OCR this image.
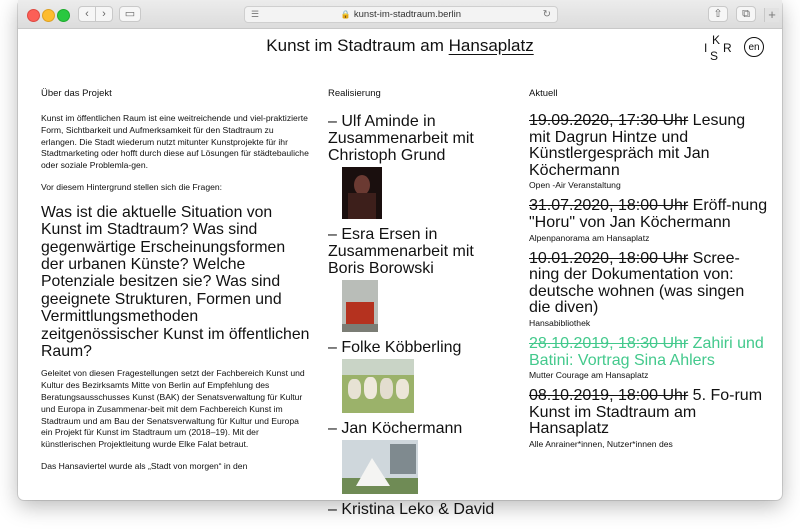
‹	›	▭	☰	🔒 kunst-im-stadtraum.berlin	↻	⇧	⧉	+
Kunst im Stadtraum am Hansaplatz	I
K
S
R	en
Über das Projekt	Realisierung	Aktuell

Kunst im öffentlichen Raum ist eine weitreichende und viel-praktizierte Form, Sichtbarkeit und Aufmerksamkeit für den Stadtraum zu erlangen. Die Stadt wiederum nutzt mitunter Kunstprojekte für ihr Stadtmarketing oder hofft durch diese auf Lösungen für städtebauliche oder soziale Problemla-gen.

Vor diesem Hintergrund stellen sich die Fragen:

Was ist die aktuelle Situation von Kunst im Stadtraum? Was sind gegenwärtige Erscheinungsformen der urbanen Künste? Welche Potenziale besitzen sie? Was sind geeignete Strukturen, Formen und Vermittlungsmethoden zeitgenössischer Kunst im öffentlichen Raum?

Geleitet von diesen Fragestellungen setzt der Fachbereich Kunst und Kultur des Bezirksamts Mitte von Berlin auf Empfehlung des Beratungsausschusses Kunst (BAK) der Senatsverwaltung für Kultur und Europa in Zusammenar-beit mit dem Fachbereich Kunst im Stadtraum und am Bau der Senatsverwaltung für Kultur und Europa ein Projekt für Kunst im Stadtraum um (2018–19). Mit der künstlerischen Projektleitung wurde Elke Falat betraut.

Das Hansaviertel wurde als „Stadt von morgen“ in den

– Ulf Aminde in Zusammenarbeit mit Christoph Grund

– Esra Ersen in Zusammenarbeit mit Boris Borowski

– Folke Köbberling

– Jan Köchermann

– Kristina Leko & David

19.09.2020, 17:30 Uhr Lesung mit Dagrun Hintze und Künstlergespräch mit Jan Köchermann

Open -Air Veranstaltung

31.07.2020, 18:00 Uhr Eröff-nung "Horu" von Jan Köchermann

Alpenpanorama am Hansaplatz

10.01.2020, 18:00 Uhr Scree-ning der Dokumentation von: deutsche wohnen (was singen die diven)

Hansabibliothek

28.10.2019, 18:30 Uhr Zahiri und Batini: Vortrag Sina Ahlers

Mutter Courage am Hansaplatz

08.10.2019, 18:00 Uhr 5. Fo-rum Kunst im Stadtraum am Hansaplatz

Alle Anrainer*innen, Nutzer*innen des
